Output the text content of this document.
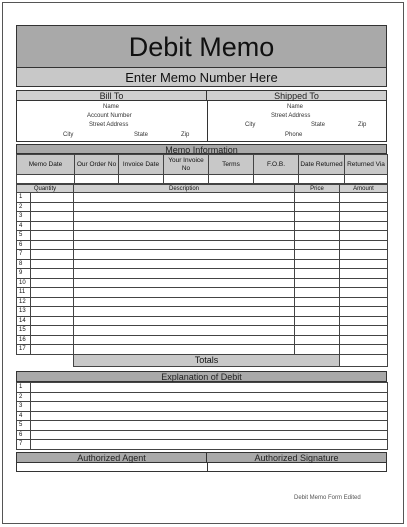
Debit Memo
Enter Memo Number Here
Bill To	Shipped To
Name
Account Number
Street Address
City	State	Zip
Name
Street Address
City	State	Zip
Phone
Memo Information
Memo Date	Our Order No	Invoice Date	Your Invoice No	Terms	F.O.B.	Date Returned	Returned Via

Quantity		Description	Price	Amount
1				
2				
3				
4				
5				
6				
7				
8				
9				
10				
11				
12				
13				
14				
15				
16				
17				
		Totals		
Explanation of Debit
1	
2	
3	
4	
5	
6	
7	
Authorized Agent	Authorized Signature
Debit Memo Form Edited
